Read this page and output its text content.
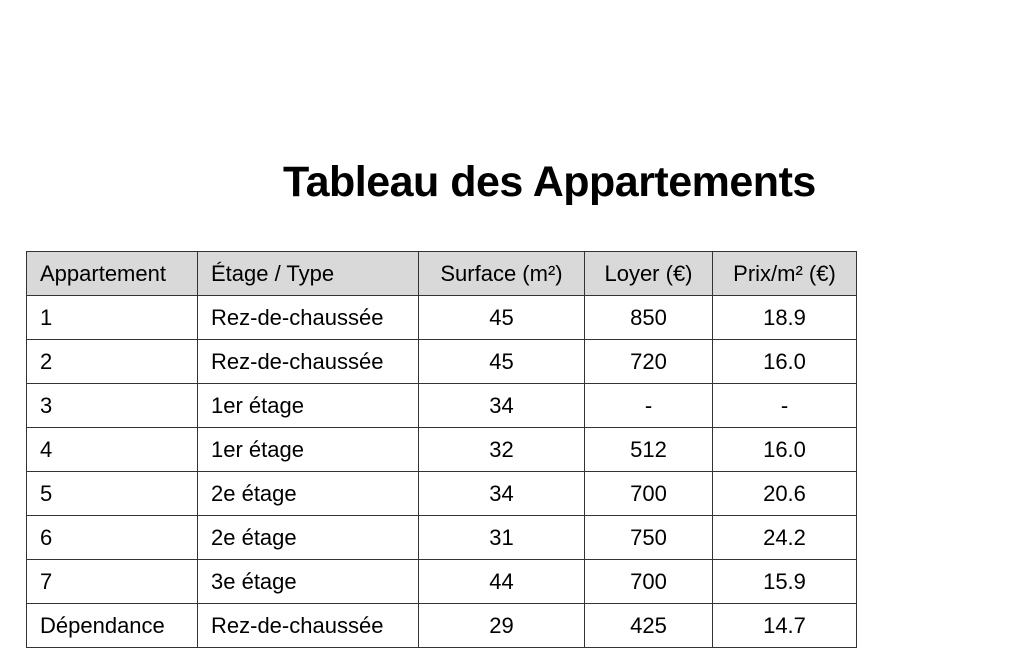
Tableau des Appartements
Appartement	Étage / Type	Surface (m²)	Loyer (€)	Prix/m² (€)
1	Rez-de-chaussée	45	850	18.9
2	Rez-de-chaussée	45	720	16.0
3	1er étage	34	-	-
4	1er étage	32	512	16.0
5	2e étage	34	700	20.6
6	2e étage	31	750	24.2
7	3e étage	44	700	15.9
Dépendance	Rez-de-chaussée	29	425	14.7
